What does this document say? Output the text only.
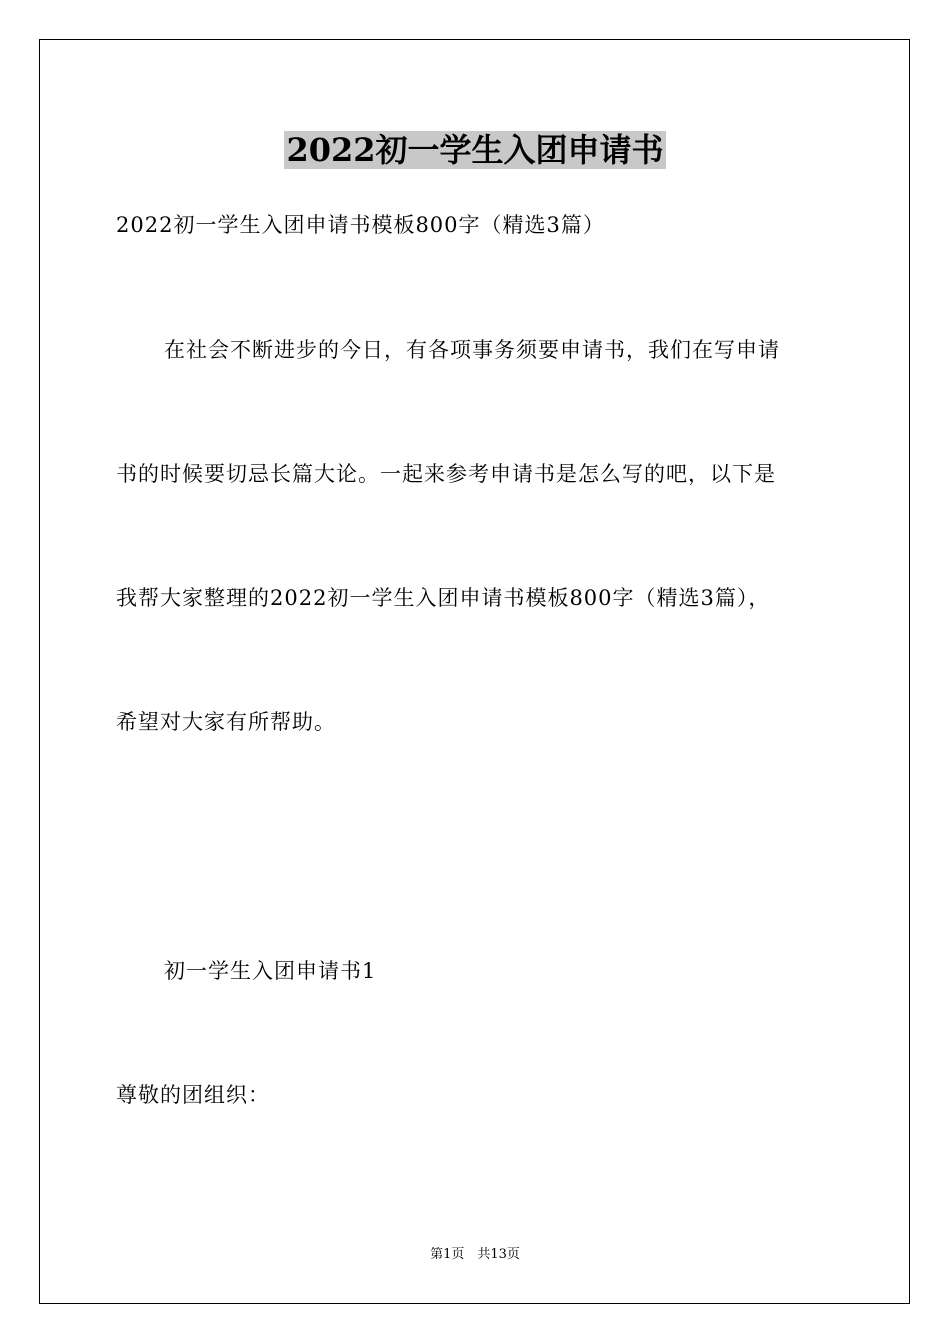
2022初一学生入团申请书
2022初一学生入团申请书模板800字（精选3篇）
在社会不断进步的今日，有各项事务须要申请书，我们在写申请
书的时候要切忌长篇大论。一起来参考申请书是怎么写的吧，以下是
我帮大家整理的2022初一学生入团申请书模板800字（精选3篇），
希望对大家有所帮助。
初一学生入团申请书1
尊敬的团组织：
第1页　共13页
